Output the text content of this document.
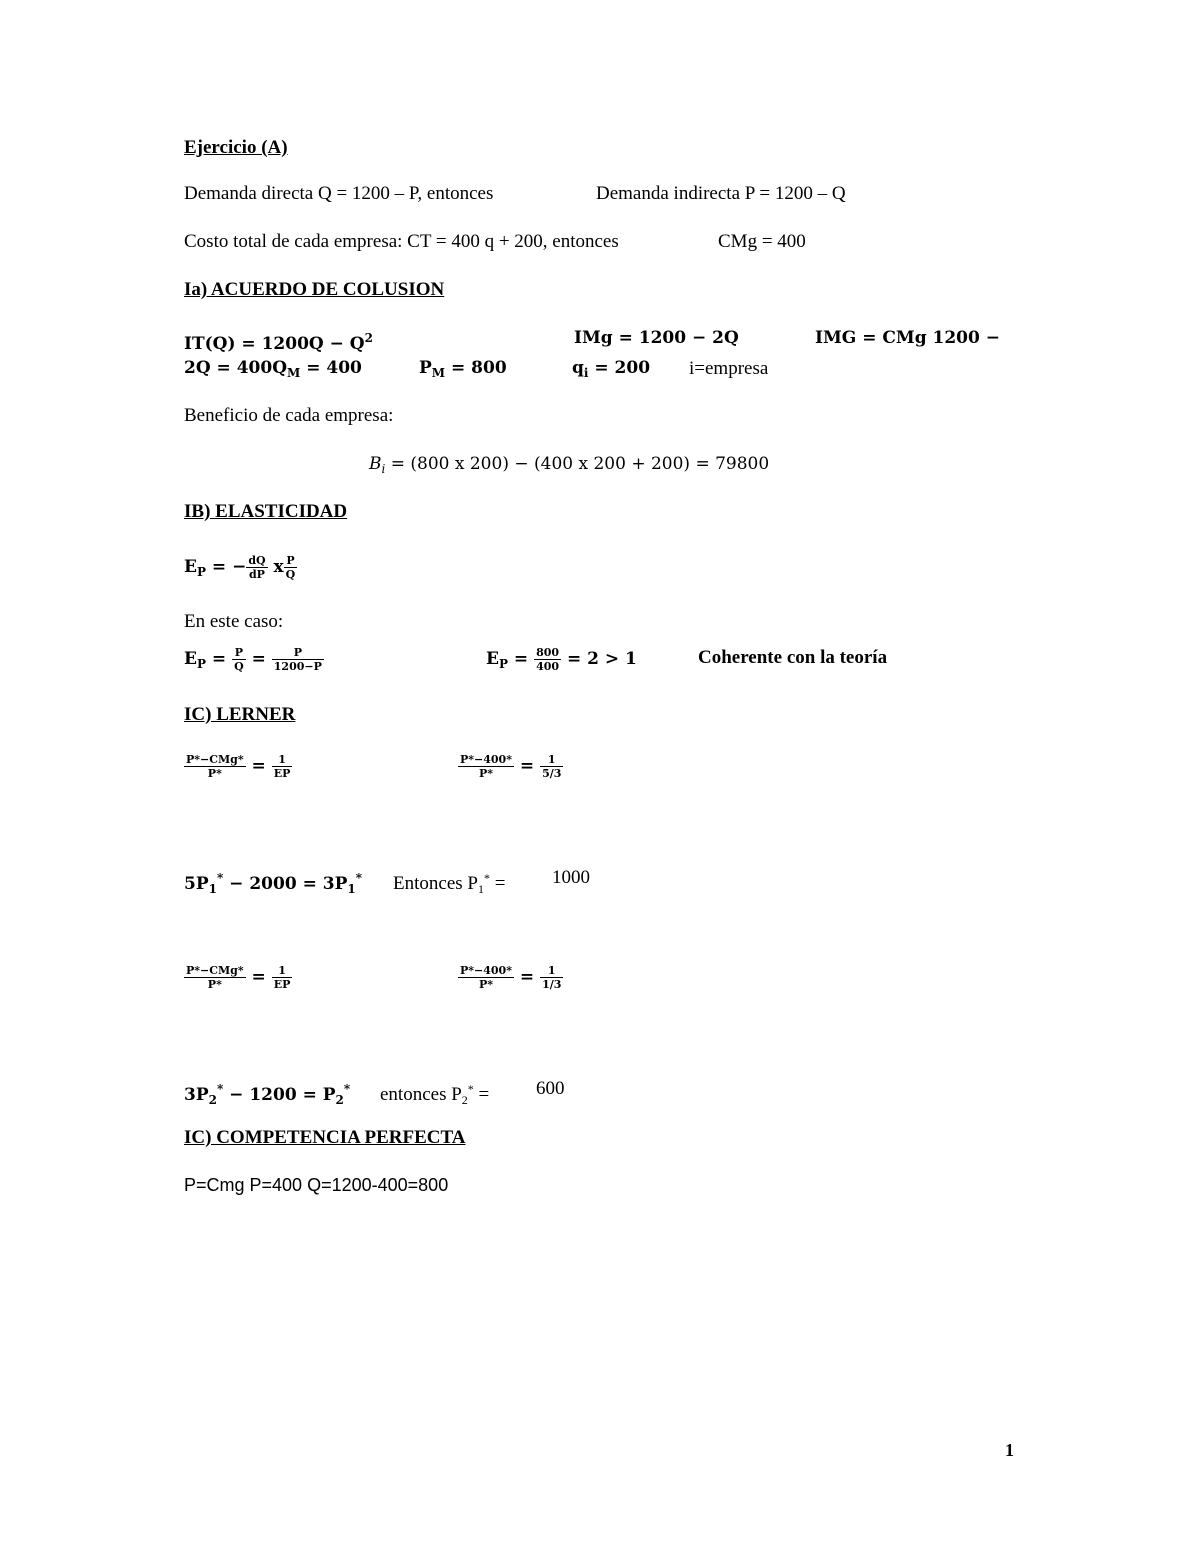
Ejercicio (A)
Demanda directa Q = 1200 – P, entonces	Demanda indirecta P = 1200 – Q
Costo total de cada empresa: CT = 400 q + 200, entonces	CMg = 400
Ia) ACUERDO DE COLUSION
$IT(Q) = 1200Q - Q^2$	IMg = 1200 − 2Q	IMG = CMg 1200 −
$2Q = 400Q_M = 400$	$P_M = 800$	$q_i = 200$ i=empresa
Beneficio de cada empresa:
$B_i = (800$ x 200) − (400 x 200 + 200) = 79800
IB) ELASTICIDAD
$E_P$ = − $\frac{dQ}{dP}$ x $\frac{P}{Q}$
En este caso:
$E_P = \frac{P}{Q} = \frac{P}{1200-P}$	$E_P = \frac{800}{400} = 2 > 1$	Coherente con la teoría
IC) LERNER
$\frac{\text{P*−CMg*}}{P*} = \frac{1}{EP}$	$\frac{P*-400*}{P*} = \frac{1}{5/3}$
$5P_1^* - 2000 = 3P_1^*$ Entonces $P_1^* = 1000$
$\frac{\text{P*−CMg*}}{P*} = \frac{1}{EP}$	$\frac{P*-400*}{P*} = \frac{1}{1/3}$
$3P_2^* - 1200 = P_2^*$ entonces $P_2^* = 600$
IC) COMPETENCIA PERFECTA
P=Cmg P=400 Q=1200-400=800
1
